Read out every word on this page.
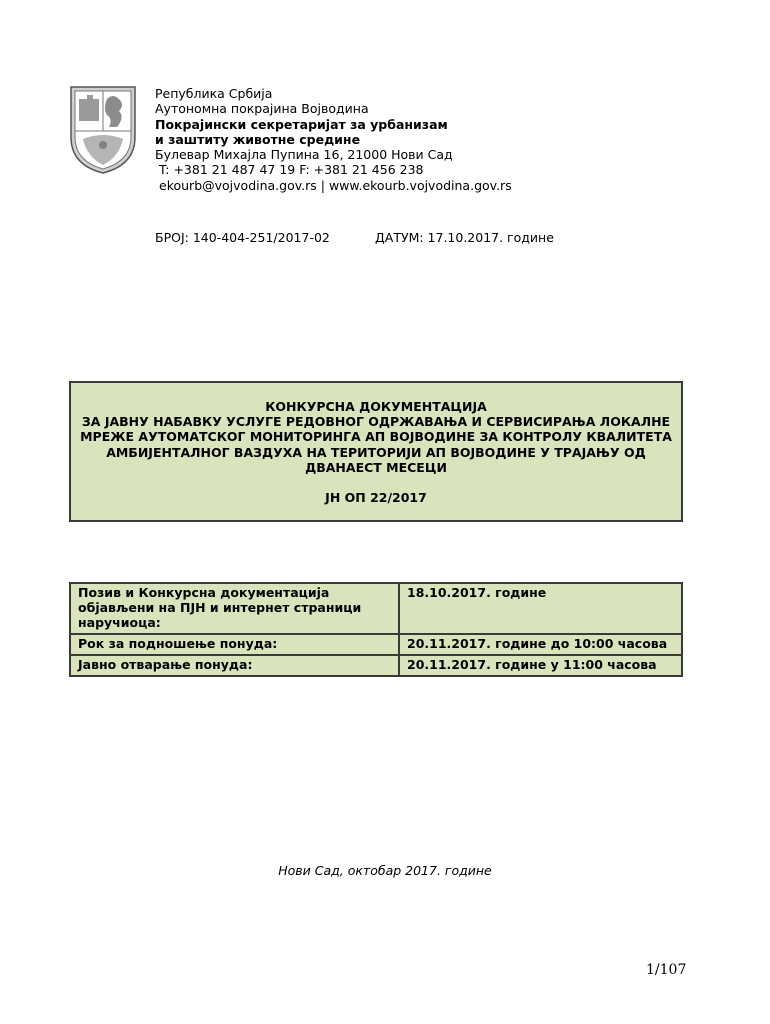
Република Србија
Аутономна покрајина Војводина
Покрајински секретаријат за урбанизам
и заштиту животне средине
Булевар Михајла Пупина 16, 21000 Нови Сад
T: +381 21 487 47 19 F: +381 21 456 238
ekourb@vojvodina.gov.rs | www.ekourb.vojvodina.gov.rs
БРОЈ: 140-404-251/2017-02	ДАТУМ: 17.10.2017. године
КОНКУРСНА ДОКУМЕНТАЦИЈА
ЗА ЈАВНУ НАБАВКУ УСЛУГЕ РЕДОВНОГ ОДРЖАВАЊА И СЕРВИСИРАЊА ЛОКАЛНЕ
МРЕЖЕ АУТОМАТСКОГ МОНИТОРИНГА АП ВОЈВОДИНЕ ЗА КОНТРОЛУ КВАЛИТЕТА
АМБИЈЕНТАЛНОГ ВАЗДУХА НА ТЕРИТОРИЈИ АП ВОЈВОДИНЕ У ТРАЈАЊУ ОД
ДВАНАЕСТ МЕСЕЦИ
ЈН ОП 22/2017
Позив и Конкурсна документација објављени на ПЈН и интернет страници наручиоца:	18.10.2017. године
Рок за подношење понуда:	20.11.2017. године до 10:00 часова
Јавно отварање понуда:	20.11.2017. године у 11:00 часова
Нови Сад, октобар 2017. године
1/107
